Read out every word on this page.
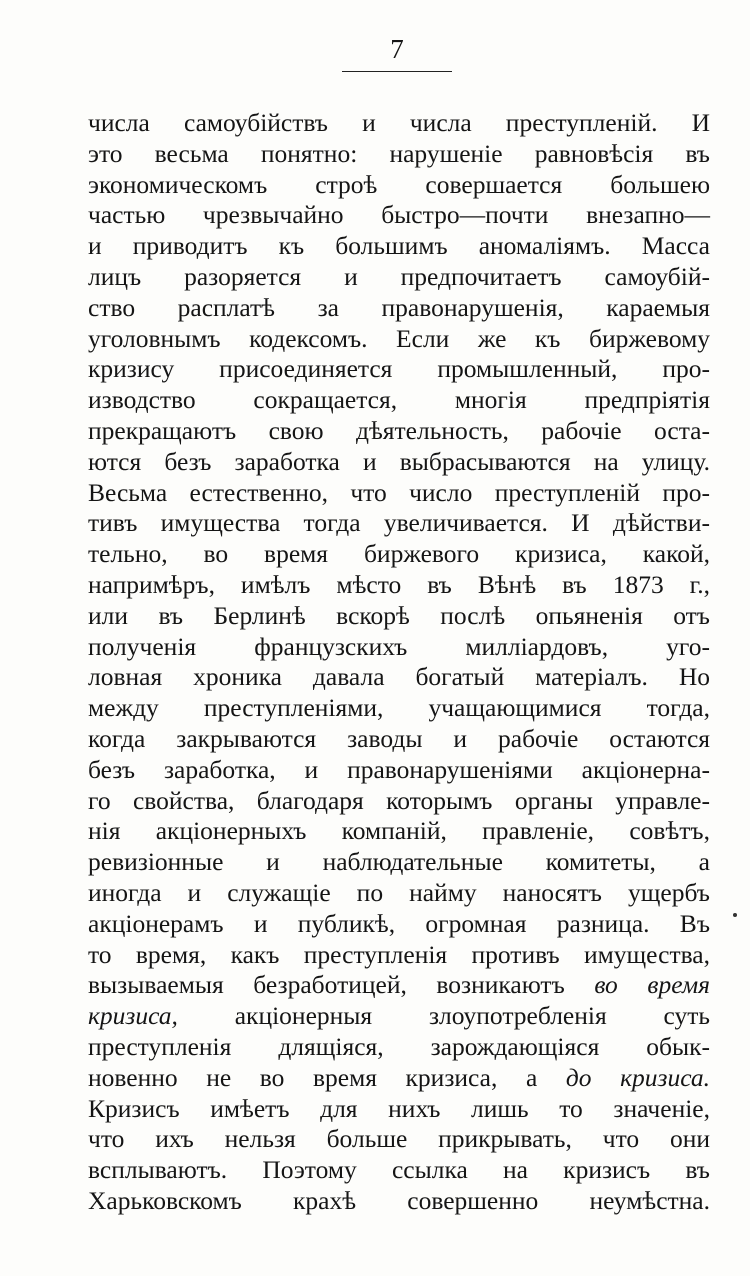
7
числа самоубійствъ и числа преступленій. И
это весьма понятно: нарушеніе равновѣсія въ
экономическомъ строѣ совершается большею
частью чрезвычайно быстро—почти внезапно—
и приводитъ къ большимъ аномаліямъ. Масса
лицъ разоряется и предпочитаетъ самоубій-
ство расплатѣ за правонарушенія, караемыя
уголовнымъ кодексомъ. Если же къ биржевому
кризису присоединяется промышленный, про-
изводство сокращается, многія предпріятія
прекращаютъ свою дѣятельность, рабочіе оста-
ются безъ заработка и выбрасываются на улицу.
Весьма естественно, что число преступленій про-
тивъ имущества тогда увеличивается. И дѣйстви-
тельно, во время биржевого кризиса, какой,
напримѣръ, имѣлъ мѣсто въ Вѣнѣ въ 1873 г.,
или въ Берлинѣ вскорѣ послѣ опьяненія отъ
полученія французскихъ милліардовъ, уго-
ловная хроника давала богатый матеріалъ. Но
между преступленіями, учащающимися тогда,
когда закрываются заводы и рабочіе остаются
безъ заработка, и правонарушеніями акціонерна-
го свойства, благодаря которымъ органы управле-
нія акціонерныхъ компаній, правленіе, совѣтъ,
ревизіонные и наблюдательные комитеты, а
иногда и служащіе по найму наносятъ ущербъ
акціонерамъ и публикѣ, огромная разница. Въ
то время, какъ преступленія противъ имущества,
вызываемыя безработицей, возникаютъ во время
кризиса, акціонерныя злоупотребленія суть
преступленія длящіяся, зарождающіяся обык-
новенно не во время кризиса, а до кризиса.
Кризисъ имѣетъ для нихъ лишь то значеніе,
что ихъ нельзя больше прикрывать, что они
всплываютъ. Поэтому ссылка на кризисъ въ
Харьковскомъ крахѣ совершенно неумѣстна.
